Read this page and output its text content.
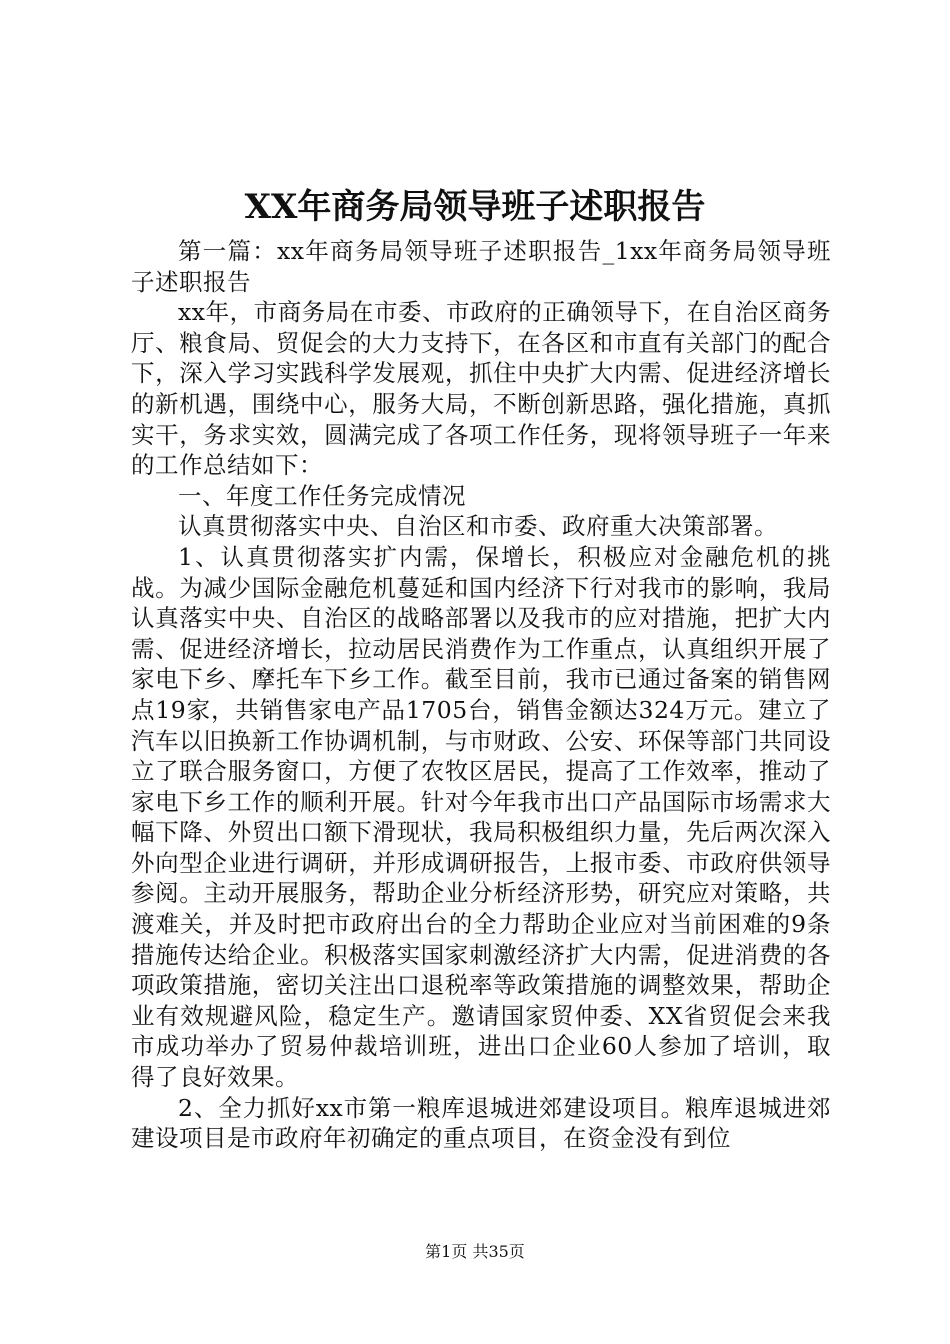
XX年商务局领导班子述职报告

第一篇：xx年商务局领导班子述职报告_1xx年商务局领导班子述职报告

xx年，市商务局在市委、市政府的正确领导下，在自治区商务厅、粮食局、贸促会的大力支持下，在各区和市直有关部门的配合下，深入学习实践科学发展观，抓住中央扩大内需、促进经济增长的新机遇，围绕中心，服务大局，不断创新思路，强化措施，真抓实干，务求实效，圆满完成了各项工作任务，现将领导班子一年来的工作总结如下：

一、年度工作任务完成情况

认真贯彻落实中央、自治区和市委、政府重大决策部署。

1、认真贯彻落实扩内需，保增长，积极应对金融危机的挑战。为减少国际金融危机蔓延和国内经济下行对我市的影响，我局认真落实中央、自治区的战略部署以及我市的应对措施，把扩大内需、促进经济增长，拉动居民消费作为工作重点，认真组织开展了家电下乡、摩托车下乡工作。截至目前，我市已通过备案的销售网点19家，共销售家电产品1705台，销售金额达324万元。建立了汽车以旧换新工作协调机制，与市财政、公安、环保等部门共同设立了联合服务窗口，方便了农牧区居民，提高了工作效率，推动了家电下乡工作的顺利开展。针对今年我市出口产品国际市场需求大幅下降、外贸出口额下滑现状，我局积极组织力量，先后两次深入外向型企业进行调研，并形成调研报告，上报市委、市政府供领导参阅。主动开展服务，帮助企业分析经济形势，研究应对策略，共渡难关，并及时把市政府出台的全力帮助企业应对当前困难的9条措施传达给企业。积极落实国家刺激经济扩大内需，促进消费的各项政策措施，密切关注出口退税率等政策措施的调整效果，帮助企业有效规避风险，稳定生产。邀请国家贸仲委、XX省贸促会来我市成功举办了贸易仲裁培训班，进出口企业60人参加了培训，取得了良好效果。

2、全力抓好xx市第一粮库退城进郊建设项目。粮库退城进郊建设项目是市政府年初确定的重点项目，在资金没有到位

第1页 共35页
